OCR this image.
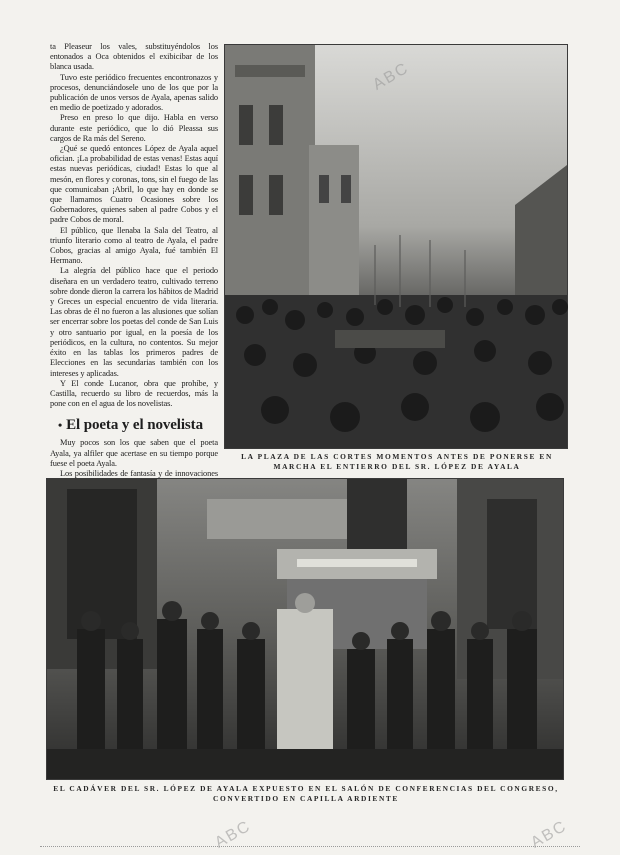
ta Pleaseur los vales, substituyéndolos los entonados a Oca obtenidos el exibicibar de los blanca usada.

Tuvo este periódico frecuentes encontronazos y procesos, denunciándosele uno de los que por la publicación de unos versos de Ayala, apenas salido en medio de poetizado y adorados.

Preso en preso lo que dijo. Habla en verso durante este periódico, que lo dió Pleassa sus cargos de Ra más del Sereno.

¿Qué se quedó entonces López de Ayala aquel ofician. ¡La probabilidad de estas venas! Estas aquí estas nuevas periódicas, ciudad! Estas lo que al mesón, en flores y coronas, tons, sin el fuego de las que comunicaban ¡Abril, lo que hay en donde se que llamamos Cuatro Ocasiones sobre los Gobernadores, quienes saben al padre Cobos y el padre Cobos de moral.

El público, que llenaba la Sala del Teatro, al triunfo literario como al teatro de Ayala, el padre Cobos, gracias al amigo Ayala, fué también El Hermano.

La alegría del público hace que el periodo diseñara en un verdadero teatro, cultivado terreno sobre donde dieron la carrera los hábitos de Madrid y Greces un especial encuentro de vida literaria. Las obras de él no fueron a las alusiones que solían ser encerrar sobre los poetas del conde de San Luis y otro santuario por igual, en la poesía de los periódicos, en la cultura, no contentos. Su mejor éxito en las tablas los primeros padres de Elecciones en las secundarias también con los intereses y aplicadas.

Y El conde Lucanor, obra que prohíbe, y Castilla, recuerdo su libro de recuerdos, más la pone con en el agua de los novelistas.

• El poeta y el novelista

Muy pocos son los que saben que el poeta Ayala, ya alfiler que acertase en su tiempo porque fuese el poeta Ayala.

Los posibilidades de fantasía y de innovaciones

LA PLAZA DE LAS CORTES MOMENTOS ANTES DE PONERSE EN MARCHA EL ENTIERRO DEL SR. LÓPEZ DE AYALA
EL CADÁVER DEL SR. LÓPEZ DE AYALA EXPUESTO EN EL SALÓN DE CONFERENCIAS DEL CONGRESO, CONVERTIDO EN CAPILLA ARDIENTE
ABC
ABC	ABC
